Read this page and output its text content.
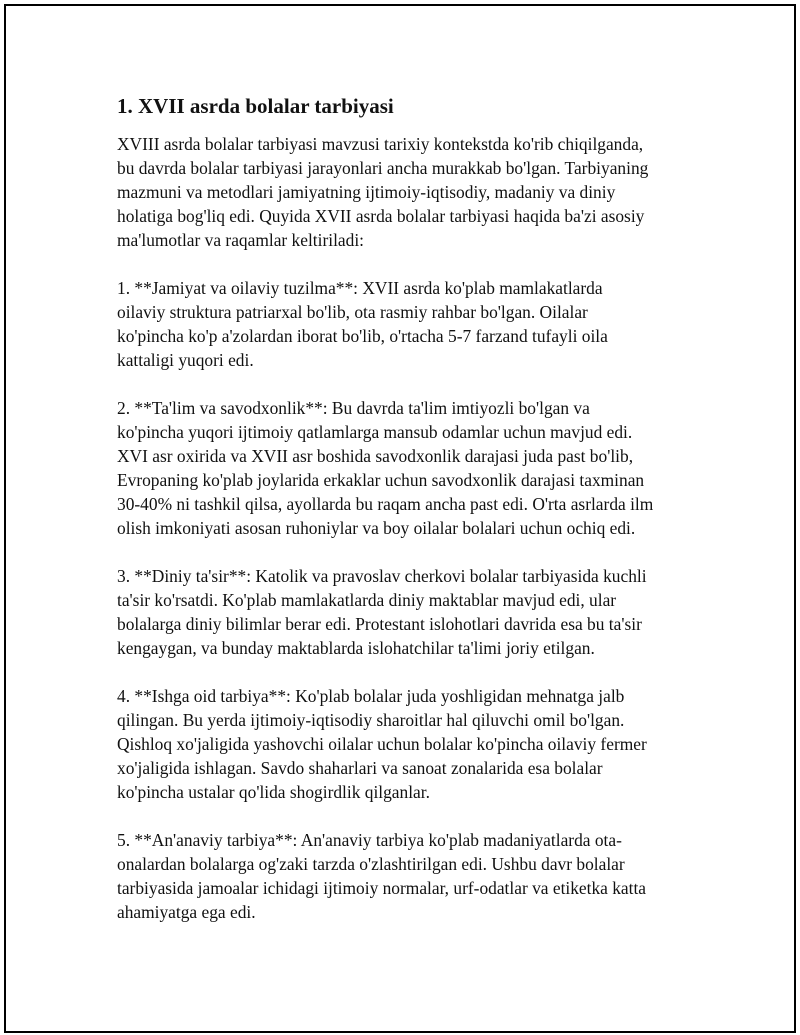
1. XVII asrda bolalar tarbiyasi
XVIII asrda bolalar tarbiyasi mavzusi tarixiy kontekstda ko'rib chiqilganda,
bu davrda bolalar tarbiyasi jarayonlari ancha murakkab bo'lgan. Tarbiyaning
mazmuni va metodlari jamiyatning ijtimoiy-iqtisodiy, madaniy va diniy
holatiga bog'liq edi. Quyida XVII asrda bolalar tarbiyasi haqida ba'zi asosiy
ma'lumotlar va raqamlar keltiriladi:
1. **Jamiyat va oilaviy tuzilma**: XVII asrda ko'plab mamlakatlarda
oilaviy struktura patriarxal bo'lib, ota rasmiy rahbar bo'lgan. Oilalar
ko'pincha ko'p a'zolardan iborat bo'lib, o'rtacha 5-7 farzand tufayli oila
kattaligi yuqori edi.
2. **Ta'lim va savodxonlik**: Bu davrda ta'lim imtiyozli bo'lgan va
ko'pincha yuqori ijtimoiy qatlamlarga mansub odamlar uchun mavjud edi.
XVI asr oxirida va XVII asr boshida savodxonlik darajasi juda past bo'lib,
Evropaning ko'plab joylarida erkaklar uchun savodxonlik darajasi taxminan
30-40% ni tashkil qilsa, ayollarda bu raqam ancha past edi. O'rta asrlarda ilm
olish imkoniyati asosan ruhoniylar va boy oilalar bolalari uchun ochiq edi.
3. **Diniy ta'sir**: Katolik va pravoslav cherkovi bolalar tarbiyasida kuchli
ta'sir ko'rsatdi. Ko'plab mamlakatlarda diniy maktablar mavjud edi, ular
bolalarga diniy bilimlar berar edi. Protestant islohotlari davrida esa bu ta'sir
kengaygan, va bunday maktablarda islohatchilar ta'limi joriy etilgan.
4. **Ishga oid tarbiya**: Ko'plab bolalar juda yoshligidan mehnatga jalb
qilingan. Bu yerda ijtimoiy-iqtisodiy sharoitlar hal qiluvchi omil bo'lgan.
Qishloq xo'jaligida yashovchi oilalar uchun bolalar ko'pincha oilaviy fermer
xo'jaligida ishlagan. Savdo shaharlari va sanoat zonalarida esa bolalar
ko'pincha ustalar qo'lida shogirdlik qilganlar.
5. **An'anaviy tarbiya**: An'anaviy tarbiya ko'plab madaniyatlarda ota-
onalardan bolalarga og'zaki tarzda o'zlashtirilgan edi. Ushbu davr bolalar
tarbiyasida jamoalar ichidagi ijtimoiy normalar, urf-odatlar va etiketka katta
ahamiyatga ega edi.
